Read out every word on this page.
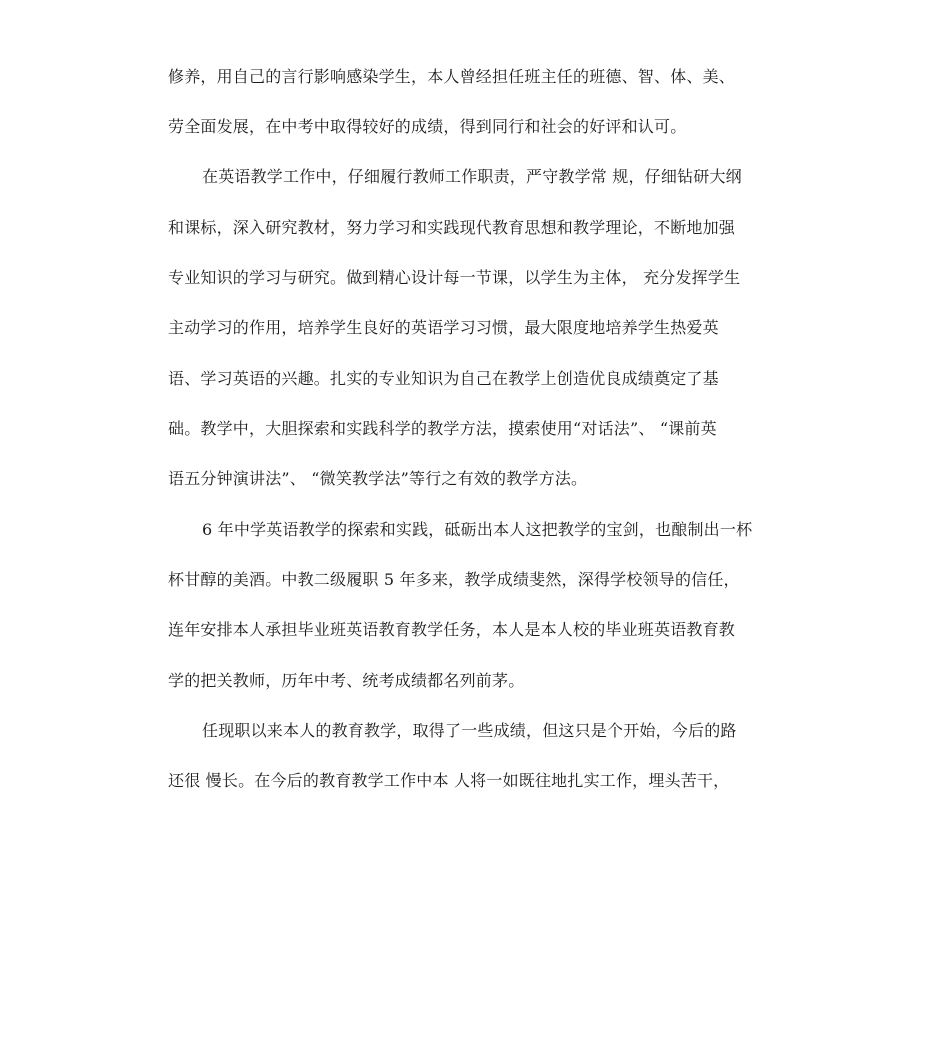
修养，用自己的言行影响感染学生，本人曾经担任班主任的班德、智、体、美、
劳全面发展，在中考中取得较好的成绩，得到同行和社会的好评和认可。
在英语教学工作中，仔细履行教师工作职责，严守教学常 规，仔细钻研大纲
和课标，深入研究教材，努力学习和实践现代教育思想和教学理论，不断地加强
专业知识的学习与研究。做到精心设计每一节课，以学生为主体， 充分发挥学生
主动学习的作用，培养学生良好的英语学习习惯，最大限度地培养学生热爱英
语、学习英语的兴趣。扎实的专业知识为自己在教学上创造优良成绩奠定了基
础。教学中，大胆探索和实践科学的教学方法，摸索使用“对话法”、 “课前英
语五分钟演讲法”、 “微笑教学法”等行之有效的教学方法。
6 年中学英语教学的探索和实践，砥砺出本人这把教学的宝剑，也酿制出一杯
杯甘醇的美酒。中教二级履职 5 年多来，教学成绩斐然，深得学校领导的信任，
连年安排本人承担毕业班英语教育教学任务，本人是本人校的毕业班英语教育教
学的把关教师，历年中考、统考成绩都名列前茅。
任现职以来本人的教育教学，取得了一些成绩，但这只是个开始，今后的路
还很 慢长。在今后的教育教学工作中本 人将一如既往地扎实工作，埋头苦干，
